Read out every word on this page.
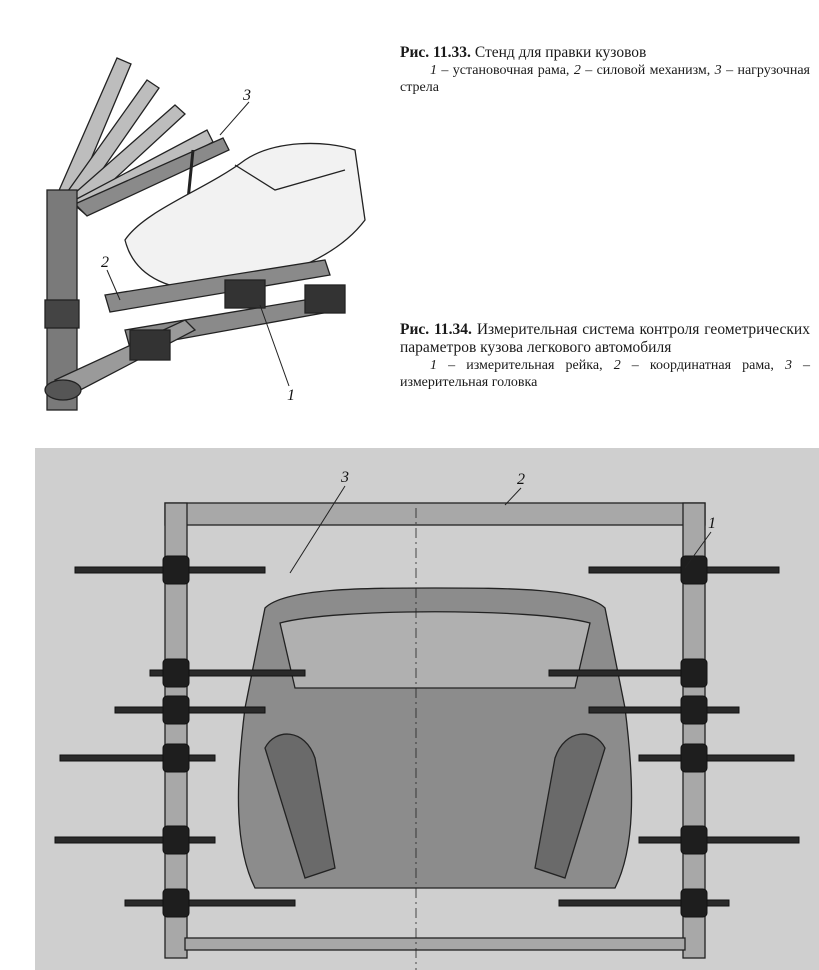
3
2
1
Рис. 11.33. Стенд для правки кузовов
1 – установочная рама, 2 – силовой механизм, 3 – нагрузочная стрела
Рис. 11.34. Измерительная система контроля геометрических параметров кузова легкового автомобиля
1 – измерительная рейка, 2 – координатная рама, 3 – измерительная головка
3	2
1
